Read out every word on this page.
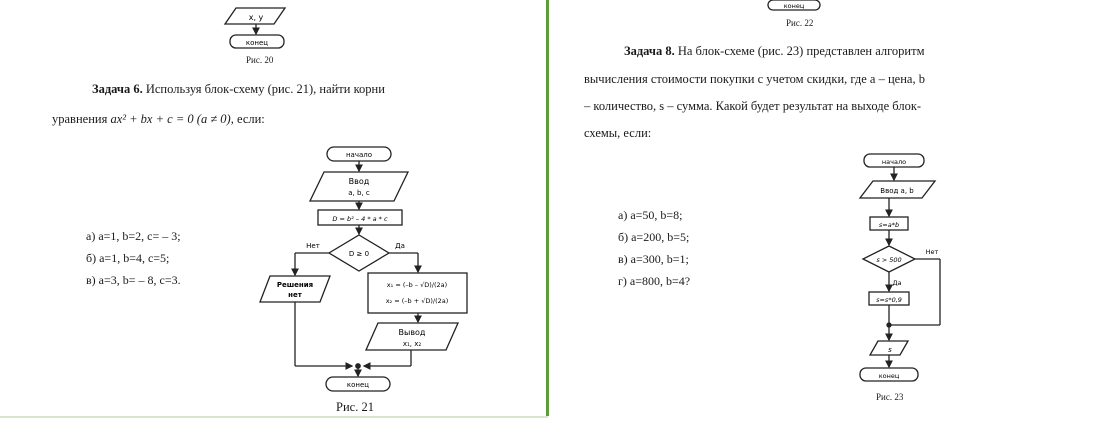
x, y
конец
начало
Ввод
a, b, c
D = b² – 4 * a * c
D ≥ 0
Нет	Да
Решения
нет
x₁ = (–b – √D)/(2a)
x₂ = (–b + √D)/(2a)
Вывод
x₁, x₂
конец
Рис. 20
Задача 6. Используя блок-схему (рис. 21), найти корни
уравнения ax² + bx + c = 0 (a ≠ 0), если:
а) a=1, b=2, c= – 3;
б) a=1, b=4, c=5;
в) a=3, b= – 8, c=3.
Рис. 21
конец
начало
Ввод a, b
s=a*b
s > 500
Нет
Да
s=s*0,9
s
конец
Рис. 22
Задача 8. На блок-схеме (рис. 23) представлен алгоритм
вычисления стоимости покупки с учетом скидки, где а – цена, b
– количество, s – сумма. Какой будет результат на выходе блок-
схемы, если:
а) a=50, b=8;
б) a=200, b=5;
в) a=300, b=1;
г) a=800, b=4?
Рис. 23
